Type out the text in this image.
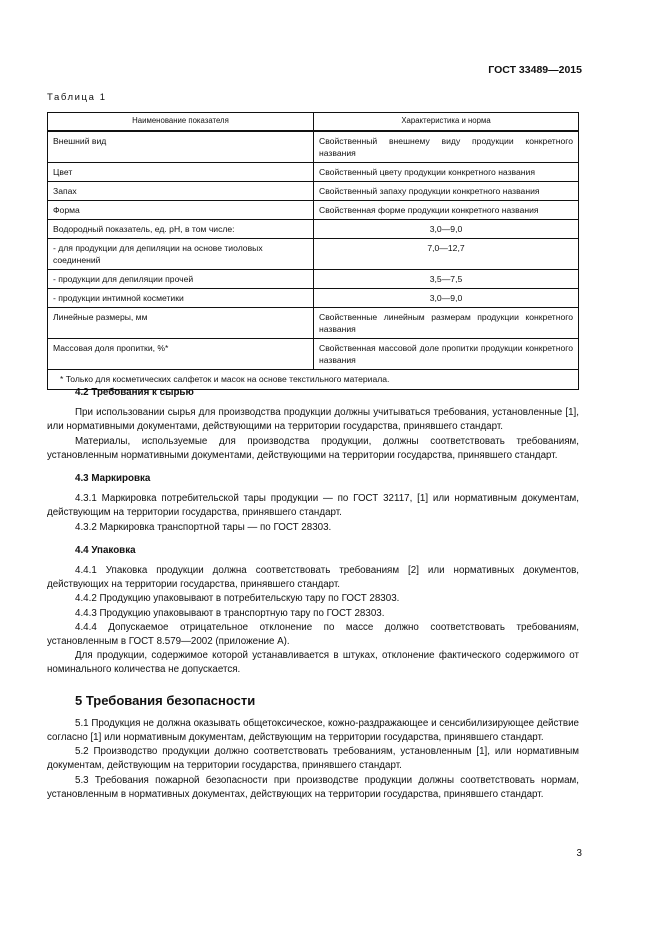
ГОСТ 33489—2015
Таблица 1
Наименование показателя	Характеристика и норма
Внешний вид	Свойственный внешнему виду продукции конкретного названия
Цвет	Свойственный цвету продукции конкретного названия
Запах	Свойственный запаху продукции конкретного названия
Форма	Свойственная форме продукции конкретного названия
Водородный показатель, ед. pH, в том числе:	3,0—9,0
- для продукции для депиляции на основе тиоловых соединений	7,0—12,7
- продукции для депиляции прочей	3,5—7,5
- продукции интимной косметики	3,0—9,0
Линейные размеры, мм	Свойственные линейным размерам продукции конкретного названия
Массовая доля пропитки, %*	Свойственная массовой доле пропитки продукции конкретного названия
* Только для косметических салфеток и масок на основе текстильного материала.	
4.2 Требования к сырью

При использовании сырья для производства продукции должны учитываться требования, установленные [1], или нормативными документами, действующими на территории государства, принявшего стандарт.

Материалы, используемые для производства продукции, должны соответствовать требованиям, установленным нормативными документами, действующими на территории государства, принявшего стандарт.

4.3 Маркировка

4.3.1 Маркировка потребительской тары продукции — по ГОСТ 32117, [1] или нормативным документам, действующим на территории государства, принявшего стандарт.

4.3.2 Маркировка транспортной тары — по ГОСТ 28303.

4.4 Упаковка

4.4.1 Упаковка продукции должна соответствовать требованиям [2] или нормативных документов, действующих на территории государства, принявшего стандарт.

4.4.2 Продукцию упаковывают в потребительскую тару по ГОСТ 28303.

4.4.3 Продукцию упаковывают в транспортную тару по ГОСТ 28303.

4.4.4 Допускаемое отрицательное отклонение по массе должно соответствовать требованиям, установленным в ГОСТ 8.579—2002 (приложение А).

Для продукции, содержимое которой устанавливается в штуках, отклонение фактического содержимого от номинального количества не допускается.

5 Требования безопасности

5.1 Продукция не должна оказывать общетоксическое, кожно-раздражающее и сенсибилизирующее действие согласно [1] или нормативным документам, действующим на территории государства, принявшего стандарт.

5.2 Производство продукции должно соответствовать требованиям, установленным [1], или нормативным документам, действующим на территории государства, принявшего стандарт.

5.3 Требования пожарной безопасности при производстве продукции должны соответствовать нормам, установленным в нормативных документах, действующих на территории государства, принявшего стандарт.

3
